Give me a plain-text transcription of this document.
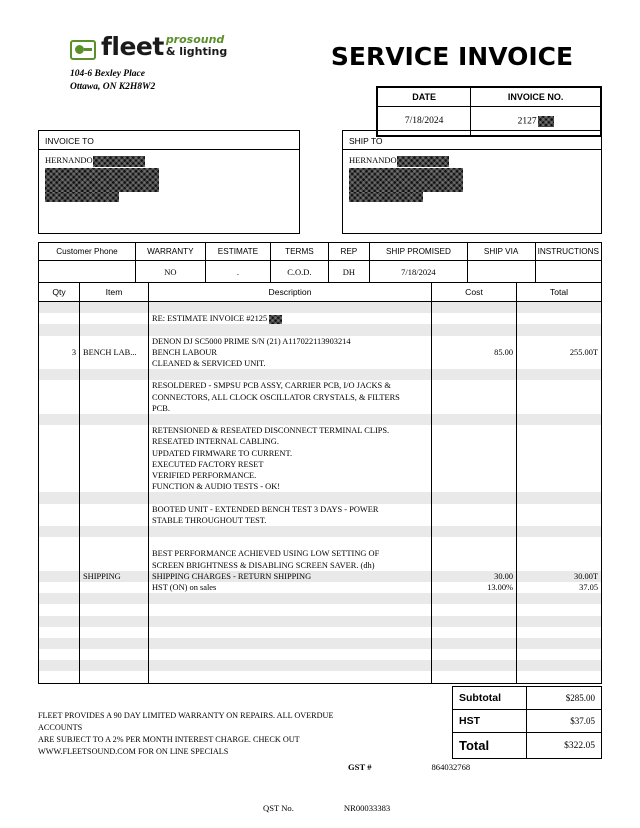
fleet prosound
& lighting
104-6 Bexley Place
Ottawa, ON K2H8W2
SERVICE INVOICE
DATE	INVOICE NO.
7/18/2024	2127
INVOICE TO
HERNANDO
SHIP TO
HERNANDO
Customer Phone	WARRANTY	ESTIMATE	TERMS	REP	SHIP PROMISED	SHIP VIA	INSTRUCTIONS
	NO	.	C.O.D.	DH	7/18/2024		
Qty	Item	Description	Cost	Total

		RE: ESTIMATE INVOICE #2125		

		DENON DJ SC5000 PRIME S/N (21) A117022113903214		
3	BENCH LAB...	BENCH LABOUR	85.00	255.00T
		CLEANED & SERVICED UNIT.		

		RESOLDERED - SMPSU PCB ASSY, CARRIER PCB, I/O JACKS &		
		CONNECTORS, ALL CLOCK OSCILLATOR CRYSTALS, & FILTERS		
		PCB.		

		RETENSIONED & RESEATED DISCONNECT TERMINAL CLIPS.		
		RESEATED INTERNAL CABLING.		
		UPDATED FIRMWARE TO CURRENT.		
		EXECUTED FACTORY RESET		
		VERIFIED PERFORMANCE.		
		FUNCTION & AUDIO TESTS - OK!		

		BOOTED UNIT - EXTENDED BENCH TEST 3 DAYS - POWER		
		STABLE THROUGHOUT TEST.		

		BEST PERFORMANCE ACHIEVED USING LOW SETTING OF		
		SCREEN BRIGHTNESS & DISABLING SCREEN SAVER. (dh)		
	SHIPPING	SHIPPING CHARGES - RETURN SHIPPING	30.00	30.00T
		HST (ON) on sales	13.00%	37.05

FLEET PROVIDES A 90 DAY LIMITED WARRANTY ON REPAIRS. ALL OVERDUE ACCOUNTS
ARE SUBJECT TO A 2% PER MONTH INTEREST CHARGE. CHECK OUT
WWW.FLEETSOUND.COM FOR ON LINE SPECIALS
GST #	864032768
QST No.	NR00033383
Subtotal	$285.00
HST	$37.05
Total	$322.05
